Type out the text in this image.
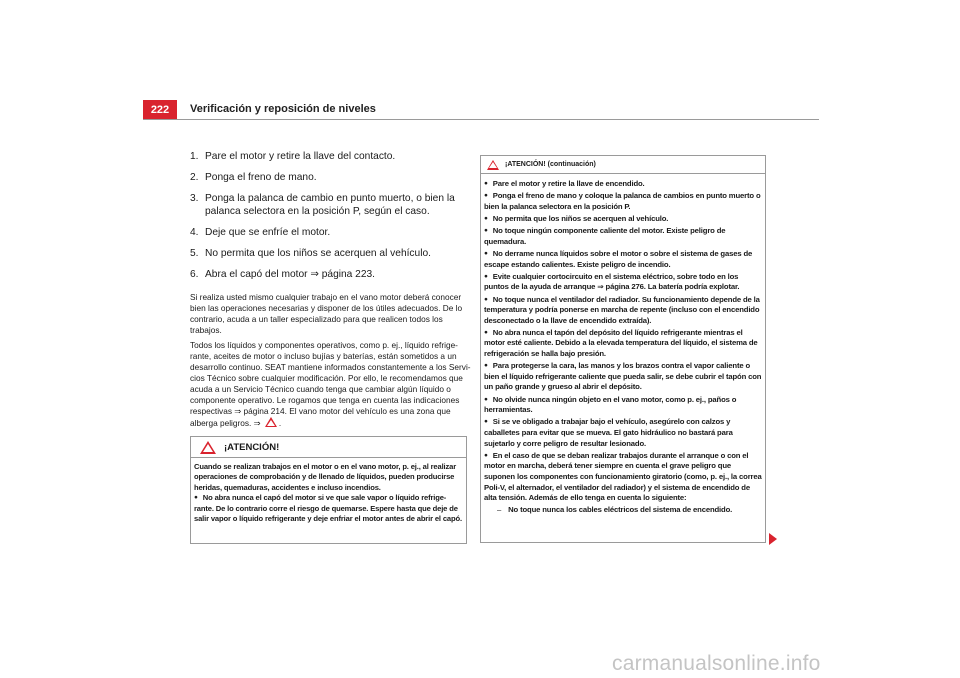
222	Verificación y reposición de niveles
1. Pare el motor y retire la llave del contacto.
2. Ponga el freno de mano.
3. Ponga la palanca de cambio en punto muerto, o bien la palanca selectora en la posición P, según el caso.
4. Deje que se enfríe el motor.
5. No permita que los niños se acerquen al vehículo.
6. Abra el capó del motor ⇒ página 223.

Si realiza usted mismo cualquier trabajo en el vano motor deberá conocer bien las operaciones necesarias y disponer de los útiles adecuados. De lo contrario, acuda a un taller especializado para que realicen todos los trabajos.

Todos los líquidos y componentes operativos, como p. ej., líquido refrige-rante, aceites de motor o incluso bujías y baterías, están sometidos a un desarrollo continuo. SEAT mantiene informados constantemente a los Servi-cios Técnico sobre cualquier modificación. Por ello, le recomendamos que acuda a un Servicio Técnico cuando tenga que cambiar algún líquido o componente operativo. Le rogamos que tenga en cuenta las indicaciones respectivas ⇒ página 214. El vano motor del vehículo es una zona que alberga peligros. ⇒ .

¡ATENCIÓN!

Cuando se realizan trabajos en el motor o en el vano motor, p. ej., al realizar operaciones de comprobación y de llenado de líquidos, pueden producirse heridas, quemaduras, accidentes e incluso incendios.

● No abra nunca el capó del motor si ve que sale vapor o líquido refrige-rante. De lo contrario corre el riesgo de quemarse. Espere hasta que deje de salir vapor o líquido refrigerante y deje enfriar el motor antes de abrir el capó.

¡ATENCIÓN! (continuación)

● Pare el motor y retire la llave de encendido.

● Ponga el freno de mano y coloque la palanca de cambios en punto muerto o bien la palanca selectora en la posición P.

● No permita que los niños se acerquen al vehículo.

● No toque ningún componente caliente del motor. Existe peligro de quemadura.

● No derrame nunca líquidos sobre el motor o sobre el sistema de gases de escape estando calientes. Existe peligro de incendio.

● Evite cualquier cortocircuito en el sistema eléctrico, sobre todo en los puntos de la ayuda de arranque ⇒ página 276. La batería podría explotar.

● No toque nunca el ventilador del radiador. Su funcionamiento depende de la temperatura y podría ponerse en marcha de repente (incluso con el encendido desconectado o la llave de encendido extraída).

● No abra nunca el tapón del depósito del líquido refrigerante mientras el motor esté caliente. Debido a la elevada temperatura del líquido, el sistema de refrigeración se halla bajo presión.

● Para protegerse la cara, las manos y los brazos contra el vapor caliente o bien el líquido refrigerante caliente que pueda salir, se debe cubrir el tapón con un paño grande y grueso al abrir el depósito.

● No olvide nunca ningún objeto en el vano motor, como p. ej., paños o herramientas.

● Si se ve obligado a trabajar bajo el vehículo, asegúrelo con calzos y caballetes para evitar que se mueva. El gato hidráulico no bastará para sujetarlo y corre peligro de resultar lesionado.

● En el caso de que se deban realizar trabajos durante el arranque o con el motor en marcha, deberá tener siempre en cuenta el grave peligro que suponen los componentes con funcionamiento giratorio (como, p. ej., la correa Poli-V, el alternador, el ventilador del radiador) y el sistema de encendido de alta tensión. Además de ello tenga en cuenta lo siguiente:

– No toque nunca los cables eléctricos del sistema de encendido.

carmanualsonline.info
